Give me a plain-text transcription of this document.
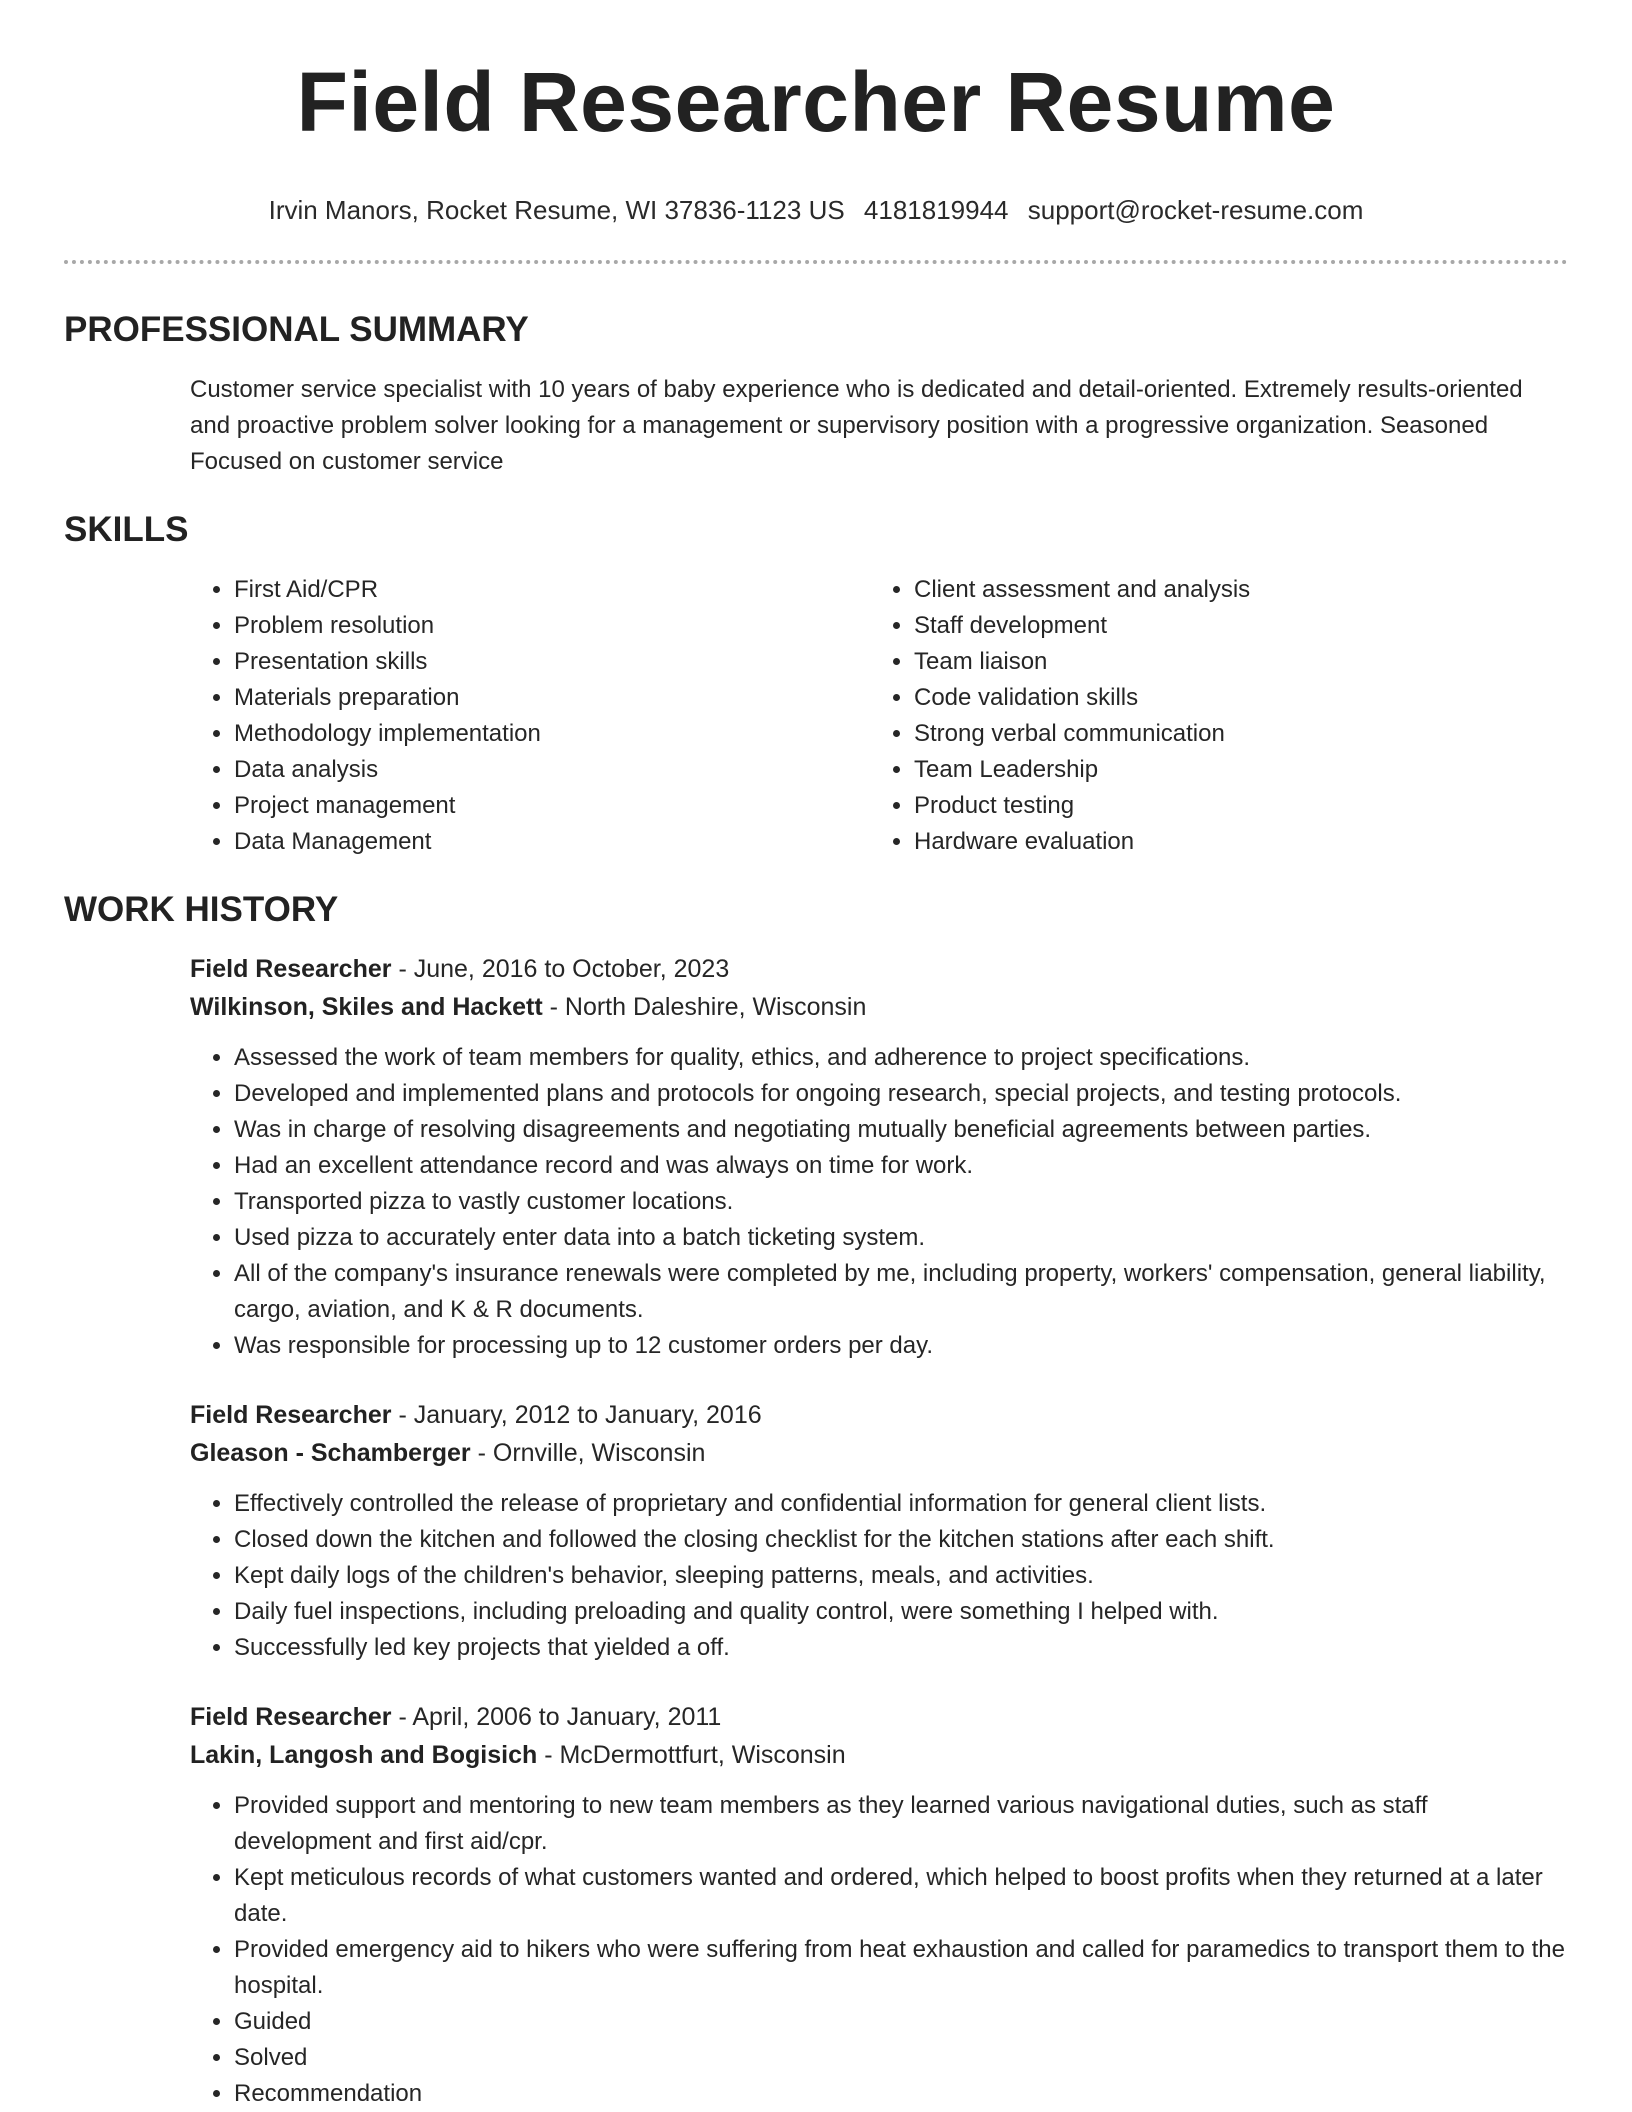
Field Researcher Resume
Irvin Manors, Rocket Resume, WI 37836-1123 US 4181819944 support@rocket-resume.com
PROFESSIONAL SUMMARY

Customer service specialist with 10 years of baby experience who is dedicated and detail-oriented. Extremely results-oriented and proactive problem solver looking for a management or supervisory position with a progressive organization. Seasoned Focused on customer service

SKILLS
• First Aid/CPR
• Problem resolution
• Presentation skills
• Materials preparation
• Methodology implementation
• Data analysis
• Project management
• Data Management
• Client assessment and analysis
• Staff development
• Team liaison
• Code validation skills
• Strong verbal communication
• Team Leadership
• Product testing
• Hardware evaluation
WORK HISTORY
Field Researcher - June, 2016 to October, 2023
Wilkinson, Skiles and Hackett - North Daleshire, Wisconsin
• Assessed the work of team members for quality, ethics, and adherence to project specifications.
• Developed and implemented plans and protocols for ongoing research, special projects, and testing protocols.
• Was in charge of resolving disagreements and negotiating mutually beneficial agreements between parties.
• Had an excellent attendance record and was always on time for work.
• Transported pizza to vastly customer locations.
• Used pizza to accurately enter data into a batch ticketing system.
• All of the company's insurance renewals were completed by me, including property, workers' compensation, general liability, cargo, aviation, and K & R documents.
• Was responsible for processing up to 12 customer orders per day.
Field Researcher - January, 2012 to January, 2016
Gleason - Schamberger - Ornville, Wisconsin
• Effectively controlled the release of proprietary and confidential information for general client lists.
• Closed down the kitchen and followed the closing checklist for the kitchen stations after each shift.
• Kept daily logs of the children's behavior, sleeping patterns, meals, and activities.
• Daily fuel inspections, including preloading and quality control, were something I helped with.
• Successfully led key projects that yielded a off.
Field Researcher - April, 2006 to January, 2011
Lakin, Langosh and Bogisich - McDermottfurt, Wisconsin
• Provided support and mentoring to new team members as they learned various navigational duties, such as staff development and first aid/cpr.
• Kept meticulous records of what customers wanted and ordered, which helped to boost profits when they returned at a later date.
• Provided emergency aid to hikers who were suffering from heat exhaustion and called for paramedics to transport them to the hospital.
• Guided
• Solved
• Recommendation
